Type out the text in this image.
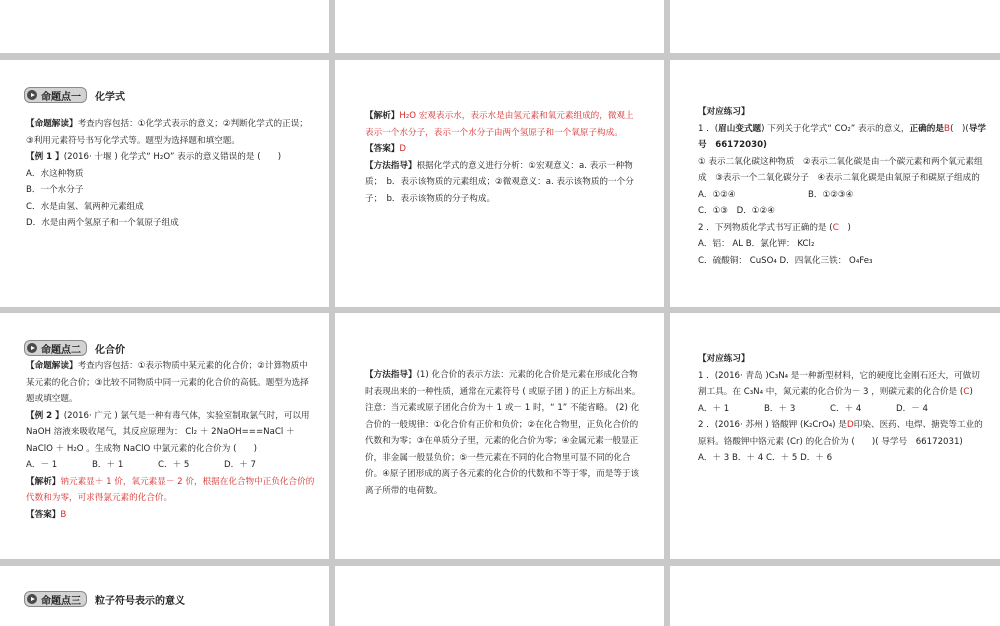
命题点一 化学式

【命题解读】考查内容包括：①化学式表示的意义；②判断化学式的正误；③利用元素符号书写化学式等。题型为选择题和填空题。

【例 1 】(2016· 十堰 ) 化学式“ H₂O” 表示的意义错误的是 (　　)

A．水这种物质

B．一个水分子

C．水是由氢、氧两种元素组成

D．水是由两个氢原子和一个氧原子组成

【解析】H₂O 宏观表示水，表示水是由氢元素和氧元素组成的，微观上表示一个水分子，表示一个水分子由两个氢原子和一个氧原子构成。

【答案】D

【方法指导】根据化学式的意义进行分析：①宏观意义：a. 表示一种物质；　b．表示该物质的元素组成；②微观意义：a. 表示该物质的一个分子；　b．表示该物质的分子构成。

【对应练习】

1 ．(眉山变式题) 下列关于化学式“ CO₂” 表示的意义，正确的是B(　)(导学号　 66172030)

① 表示二氧化碳这种物质　②表示二氧化碳是由一个碳元素和两个氧元素组成　③表示一个二氧化碳分子　④表示二氧化碳是由氧原子和碳原子组成的

A．①②④	B．①②③④

C．①③　D．①②④

2 ．下列物质化学式书写正确的是 (C　)

A．铝： AL B．氯化钾： KCl₂

C．硫酸铜： CuSO₄ D．四氧化三铁： O₄Fe₃

命题点二 化合价

【命题解读】考查内容包括：①表示物质中某元素的化合价；②计算物质中某元素的化合价；③比较不同物质中同一元素的化合价的高低。题型为选择题或填空题。

【例 2 】(2016· 广元 ) 氯气是一种有毒气体，实验室制取氯气时，可以用 NaOH 溶液来吸收尾气，其反应原理为： Cl₂ ＋ 2NaOH===NaCl ＋ NaClO ＋ H₂O 。生成物 NaClO 中氯元素的化合价为 (　　)

A．－ 1	B．＋ 1	C．＋ 5	D．＋ 7

【解析】钠元素显＋ 1 价，氧元素显－ 2 价，根据在化合物中正负化合价的代数和为零，可求得氯元素的化合价。

【答案】B

【方法指导】(1) 化合价的表示方法：元素的化合价是元素在形成化合物时表现出来的一种性质，通常在元素符号 ( 或原子团 ) 的正上方标出来。注意：当元素或原子团化合价为＋ 1 或－ 1 时，“ 1” 不能省略。 (2) 化合价的一般规律：①化合价有正价和负价；②在化合物里，正负化合价的代数和为零；③在单质分子里，元素的化合价为零；④金属元素一般显正价，非金属一般显负价；⑤一些元素在不同的化合物里可显不同的化合价。④原子团形成的离子各元素的化合价的代数和不等于零，而是等于该离子所带的电荷数。

【对应练习】

1 ．(2016· 青岛 )C₃N₄ 是一种新型材料，它的硬度比金刚石还大，可做切割工具。在 C₃N₄ 中，氮元素的化合价为－ 3 ，则碳元素的化合价是 (C)

A．＋ 1	B．＋ 3	C．＋ 4	D．－ 4

2 ．(2016· 苏州 ) 铬酸钾 (K₂CrO₄) 是D印染、医药、电焊、搪瓷等工业的原料。铬酸钾中铬元素 (Cr) 的化合价为 (　　)( 导学号　66172031)

A．＋ 3 B．＋ 4 C．＋ 5 D．＋ 6

命题点三 粒子符号表示的意义
